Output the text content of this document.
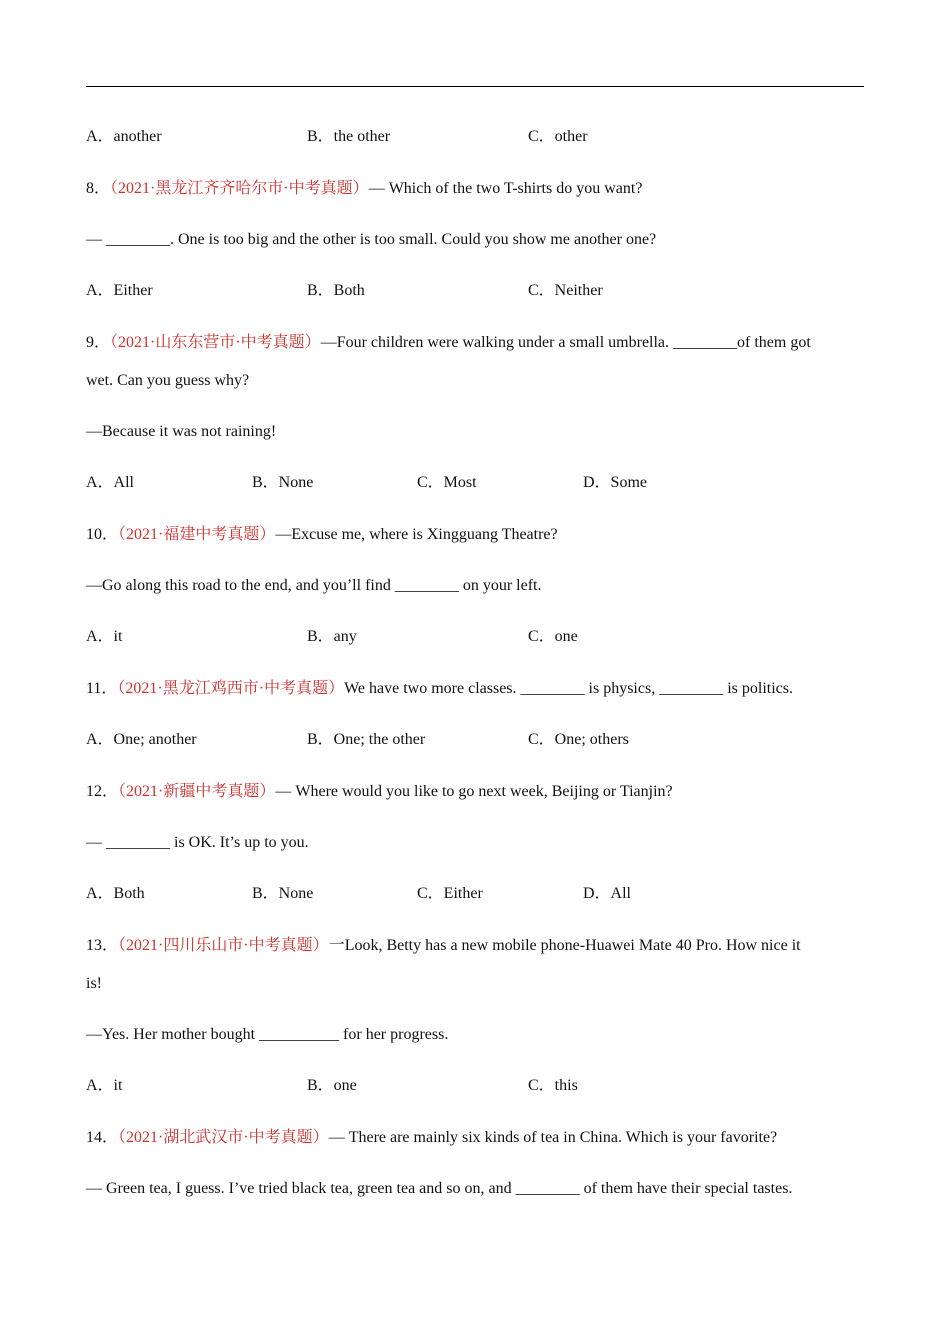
A．another	B．the other	C．other
8．（2021·黑龙江齐齐哈尔市·中考真题）— Which of the two T-shirts do you want?
— ________. One is too big and the other is too small. Could you show me another one?
A．Either	B．Both	C．Neither
9．（2021·山东东营市·中考真题）—Four children were walking under a small umbrella. ________of them got
wet. Can you guess why?
—Because it was not raining!
A．All	B．None	C．Most	D．Some
10．（2021·福建中考真题）—Excuse me, where is Xingguang Theatre?
—Go along this road to the end, and you’ll find ________ on your left.
A．it	B．any	C．one
11．（2021·黑龙江鸡西市·中考真题）We have two more classes. ________ is physics, ________ is politics.
A．One; another	B．One; the other	C．One; others
12．（2021·新疆中考真题）— Where would you like to go next week, Beijing or Tianjin?
— ________ is OK. It’s up to you.
A．Both	B．None	C．Either	D．All
13．（2021·四川乐山市·中考真题）一Look, Betty has a new mobile phone-Huawei Mate 40 Pro. How nice it
is!
—Yes. Her mother bought __________ for her progress.
A．it	B．one	C．this
14．（2021·湖北武汉市·中考真题）— There are mainly six kinds of tea in China. Which is your favorite?
— Green tea, I guess. I’ve tried black tea, green tea and so on, and ________ of them have their special tastes.
